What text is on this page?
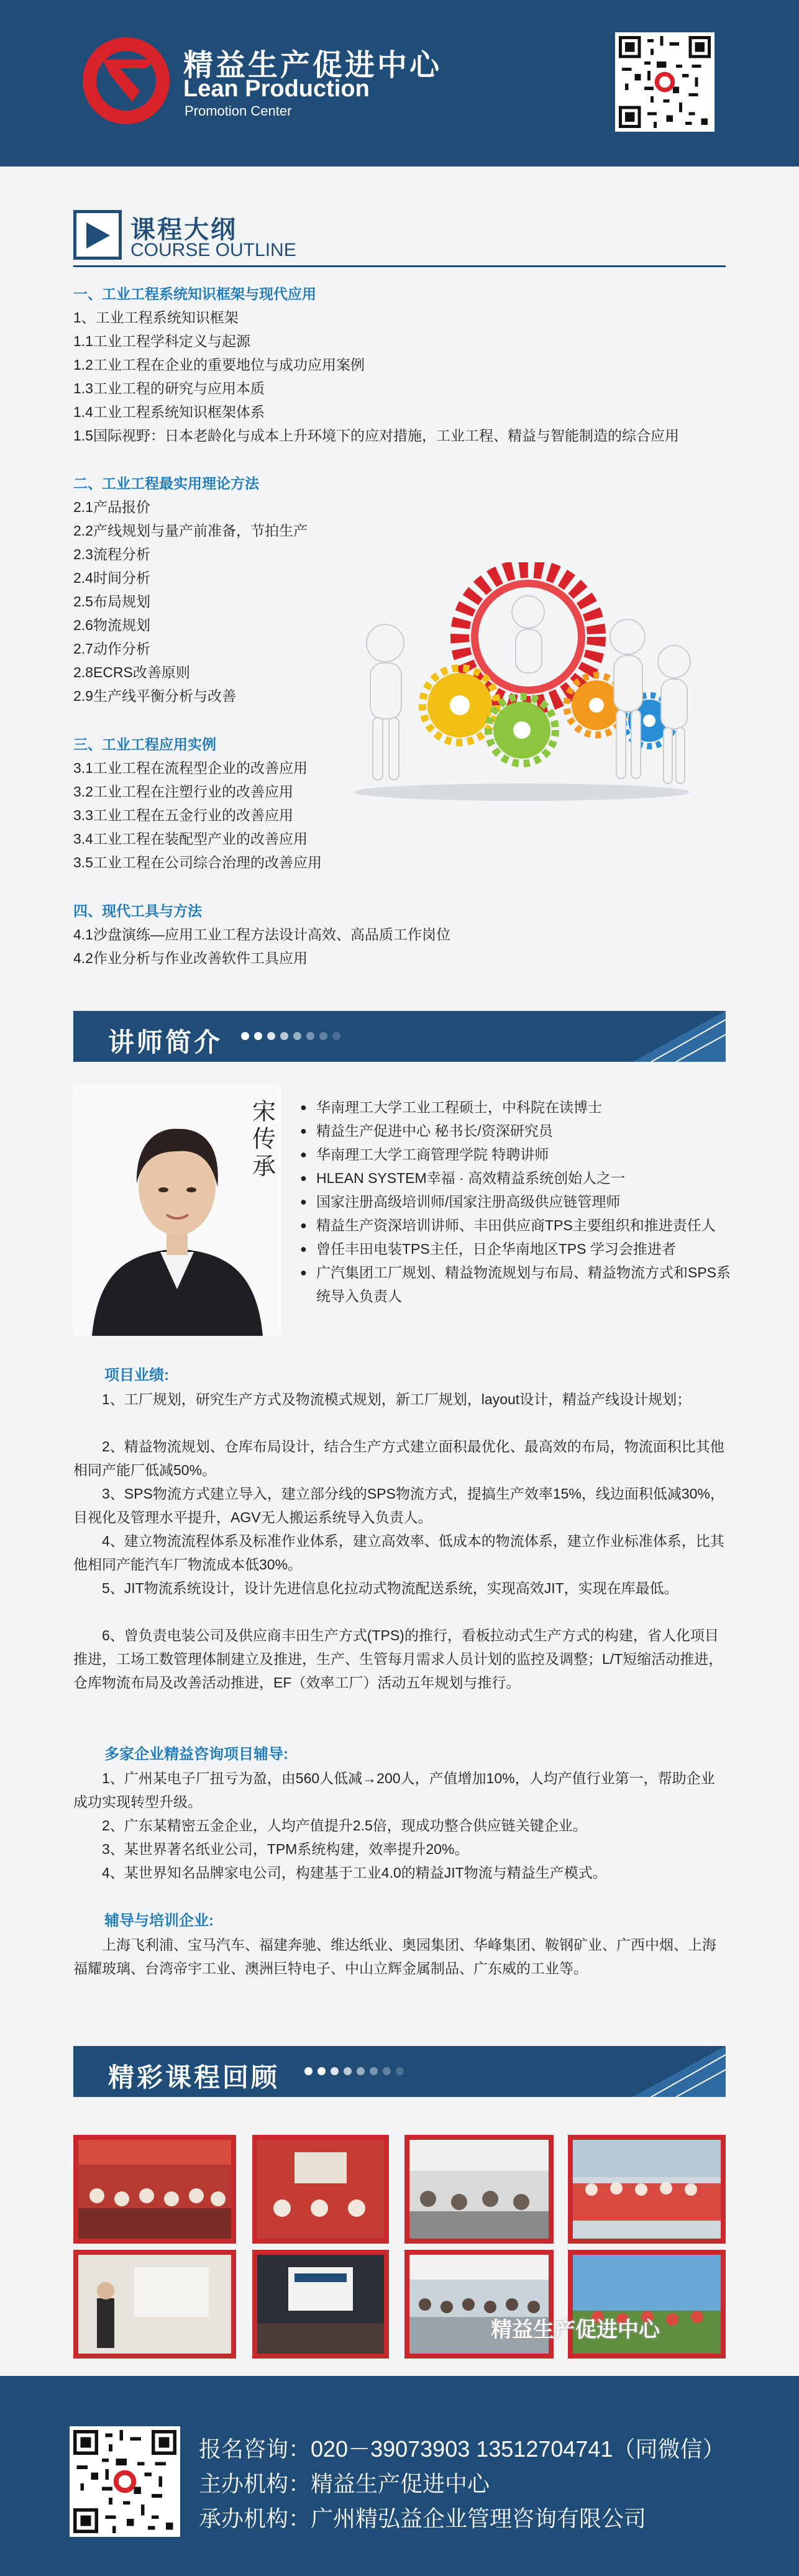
精益生产促进中心
Lean Production
Promotion Center
课程大纲
COURSE OUTLINE
一、工业工程系统知识框架与现代应用
1、工业工程系统知识框架
1.1工业工程学科定义与起源
1.2工业工程在企业的重要地位与成功应用案例
1.3工业工程的研究与应用本质
1.4工业工程系统知识框架体系
1.5国际视野：日本老龄化与成本上升环境下的应对措施，工业工程、精益与智能制造的综合应用
二、工业工程最实用理论方法
2.1产品报价
2.2产线规划与量产前准备，节拍生产
2.3流程分析
2.4时间分析
2.5布局规划
2.6物流规划
2.7动作分析
2.8ECRS改善原则
2.9生产线平衡分析与改善
三、工业工程应用实例
3.1工业工程在流程型企业的改善应用
3.2工业工程在注塑行业的改善应用
3.3工业工程在五金行业的改善应用
3.4工业工程在装配型产业的改善应用
3.5工业工程在公司综合治理的改善应用
四、现代工具与方法
4.1沙盘演练—应用工业工程方法设计高效、高品质工作岗位
4.2作业分析与作业改善软件工具应用
讲师简介
宋传承
● 华南理工大学工业工程硕士，中科院在读博士
● 精益生产促进中心 秘书长/资深研究员
● 华南理工大学工商管理学院 特聘讲师
● HLEAN SYSTEM幸福 · 高效精益系统创始人之一
● 国家注册高级培训师/国家注册高级供应链管理师
● 精益生产资深培训讲师、丰田供应商TPS主要组织和推进责任人
● 曾任丰田电装TPS主任，日企华南地区TPS 学习会推进者
● 广汽集团工厂规划、精益物流规划与布局、精益物流方式和SPS系统导入负责人
项目业绩:
1、工厂规划，研究生产方式及物流模式规划，新工厂规划，layout设计，精益产线设计规划；
2、精益物流规划、仓库布局设计，结合生产方式建立面积最优化、最高效的布局，物流面积比其他相同产能厂低减50%。
3、SPS物流方式建立导入，建立部分线的SPS物流方式，提搞生产效率15%，线边面积低减30%，目视化及管理水平提升，AGV无人搬运系统导入负责人。
4、建立物流流程体系及标准作业体系，建立高效率、低成本的物流体系，建立作业标准体系，比其他相同产能汽车厂物流成本低30%。
5、JIT物流系统设计，设计先进信息化拉动式物流配送系统，实现高效JIT，实现在库最低。
6、曾负责电装公司及供应商丰田生产方式(TPS)的推行，看板拉动式生产方式的构建，省人化项目推进，工场工数管理体制建立及推进，生产、生管每月需求人员计划的监控及调整；L/T短缩活动推进，仓库物流布局及改善活动推进，EF（效率工厂）活动五年规划与推行。
多家企业精益咨询项目辅导:
1、广州某电子厂扭亏为盈，由560人低减→200人，产值增加10%，人均产值行业第一，帮助企业成功实现转型升级。
2、广东某精密五金企业，人均产值提升2.5倍，现成功整合供应链关键企业。
3、某世界著名纸业公司，TPM系统构建，效率提升20%。
4、某世界知名品牌家电公司，构建基于工业4.0的精益JIT物流与精益生产模式。
辅导与培训企业:
上海飞利浦、宝马汽车、福建奔驰、维达纸业、奥园集团、华峰集团、鞍钢矿业、广西中烟、上海福耀玻璃、台湾帝宇工业、澳洲巨特电子、中山立辉金属制品、广东威的工业等。
精彩课程回顾
精益生产促进中心
报名咨询：020－39073903 13512704741（同微信）
主办机构：精益生产促进中心
承办机构：广州精弘益企业管理咨询有限公司
